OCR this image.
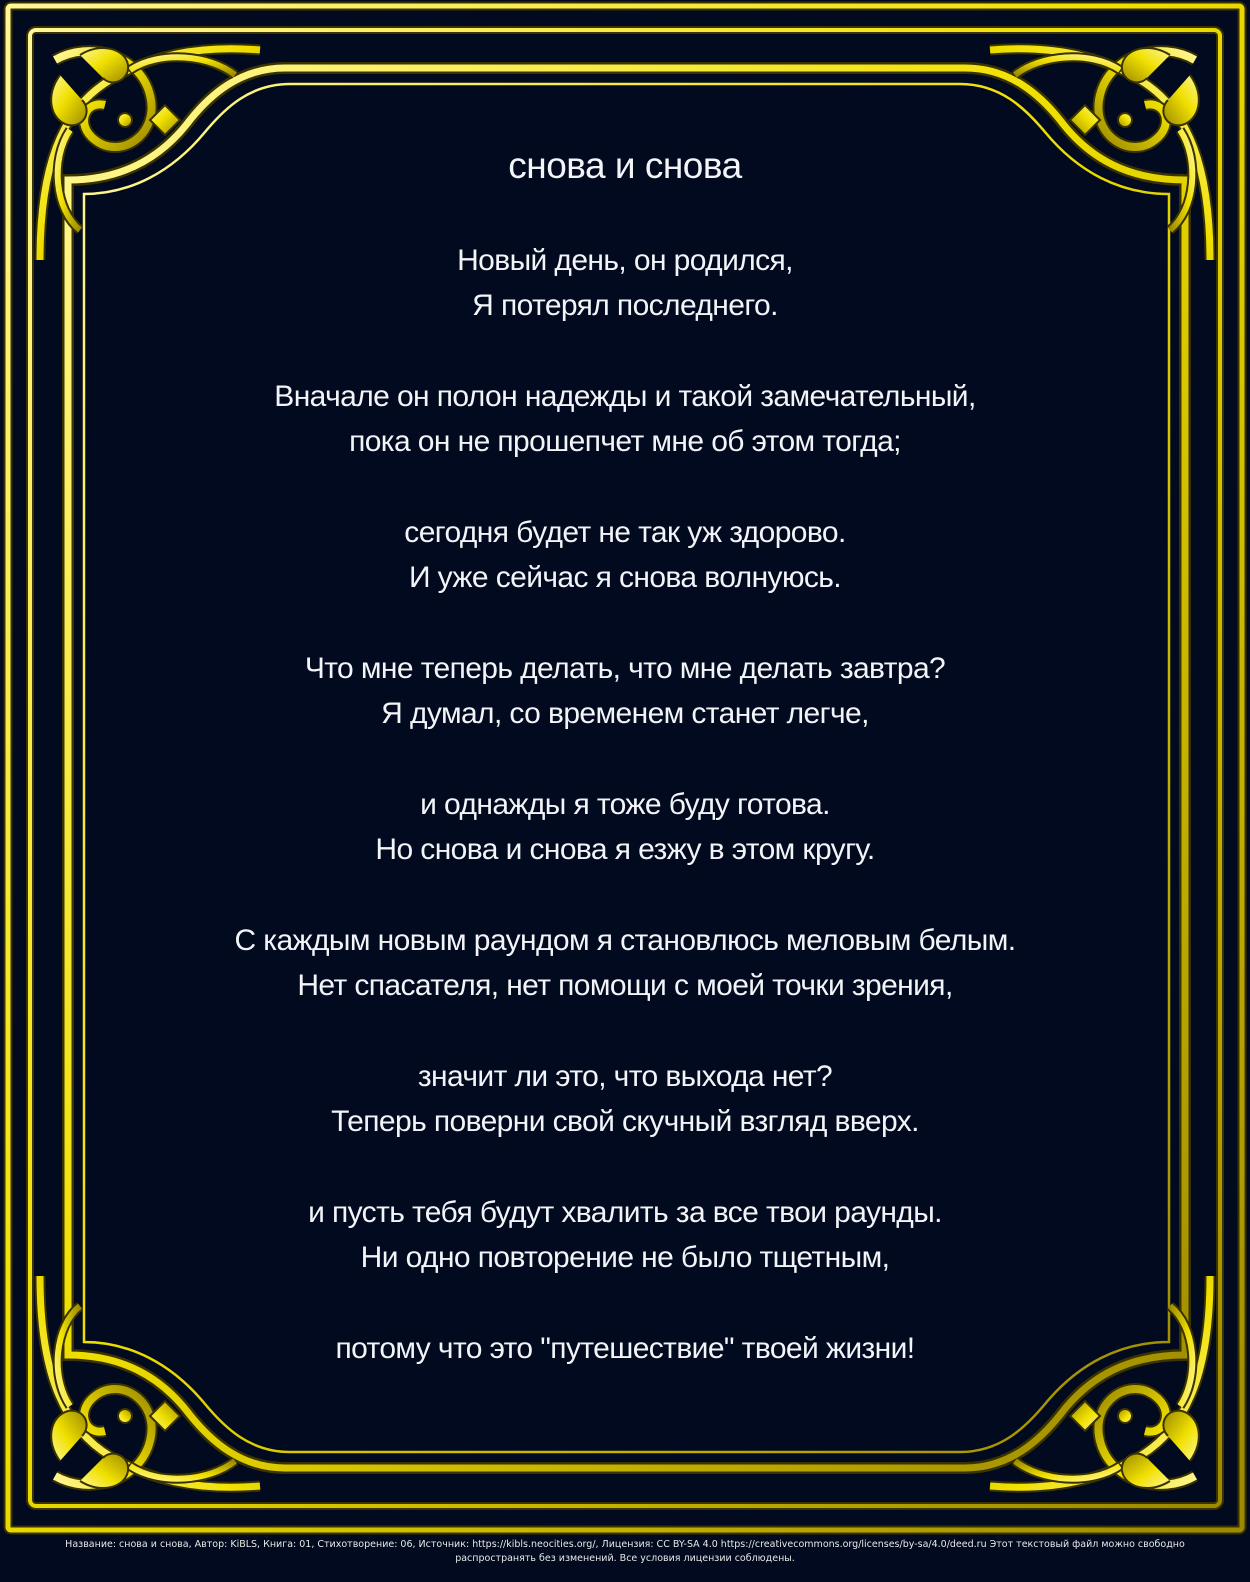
снова и снова
Новый день, он родился,
Я потерял последнего.
Вначале он полон надежды и такой замечательный,
пока он не прошепчет мне об этом тогда;
сегодня будет не так уж здорово.
И уже сейчас я снова волнуюсь.
Что мне теперь делать, что мне делать завтра?
Я думал, со временем станет легче,
и однажды я тоже буду готова.
Но снова и снова я езжу в этом кругу.
С каждым новым раундом я становлюсь меловым белым.
Нет спасателя, нет помощи с моей точки зрения,
значит ли это, что выхода нет?
Теперь поверни свой скучный взгляд вверх.
и пусть тебя будут хвалить за все твои раунды.
Ни одно повторение не было тщетным,
потому что это "путешествие" твоей жизни!
Название: снова и снова, Автор: KiBLS, Книга: 01, Стихотворение: 06, Источник: https://kibls.neocities.org/, Лицензия: CC BY-SA 4.0 https://creativecommons.org/licenses/by-sa/4.0/deed.ru Этот текстовый файл можно свободно
распространять без изменений. Все условия лицензии соблюдены.
